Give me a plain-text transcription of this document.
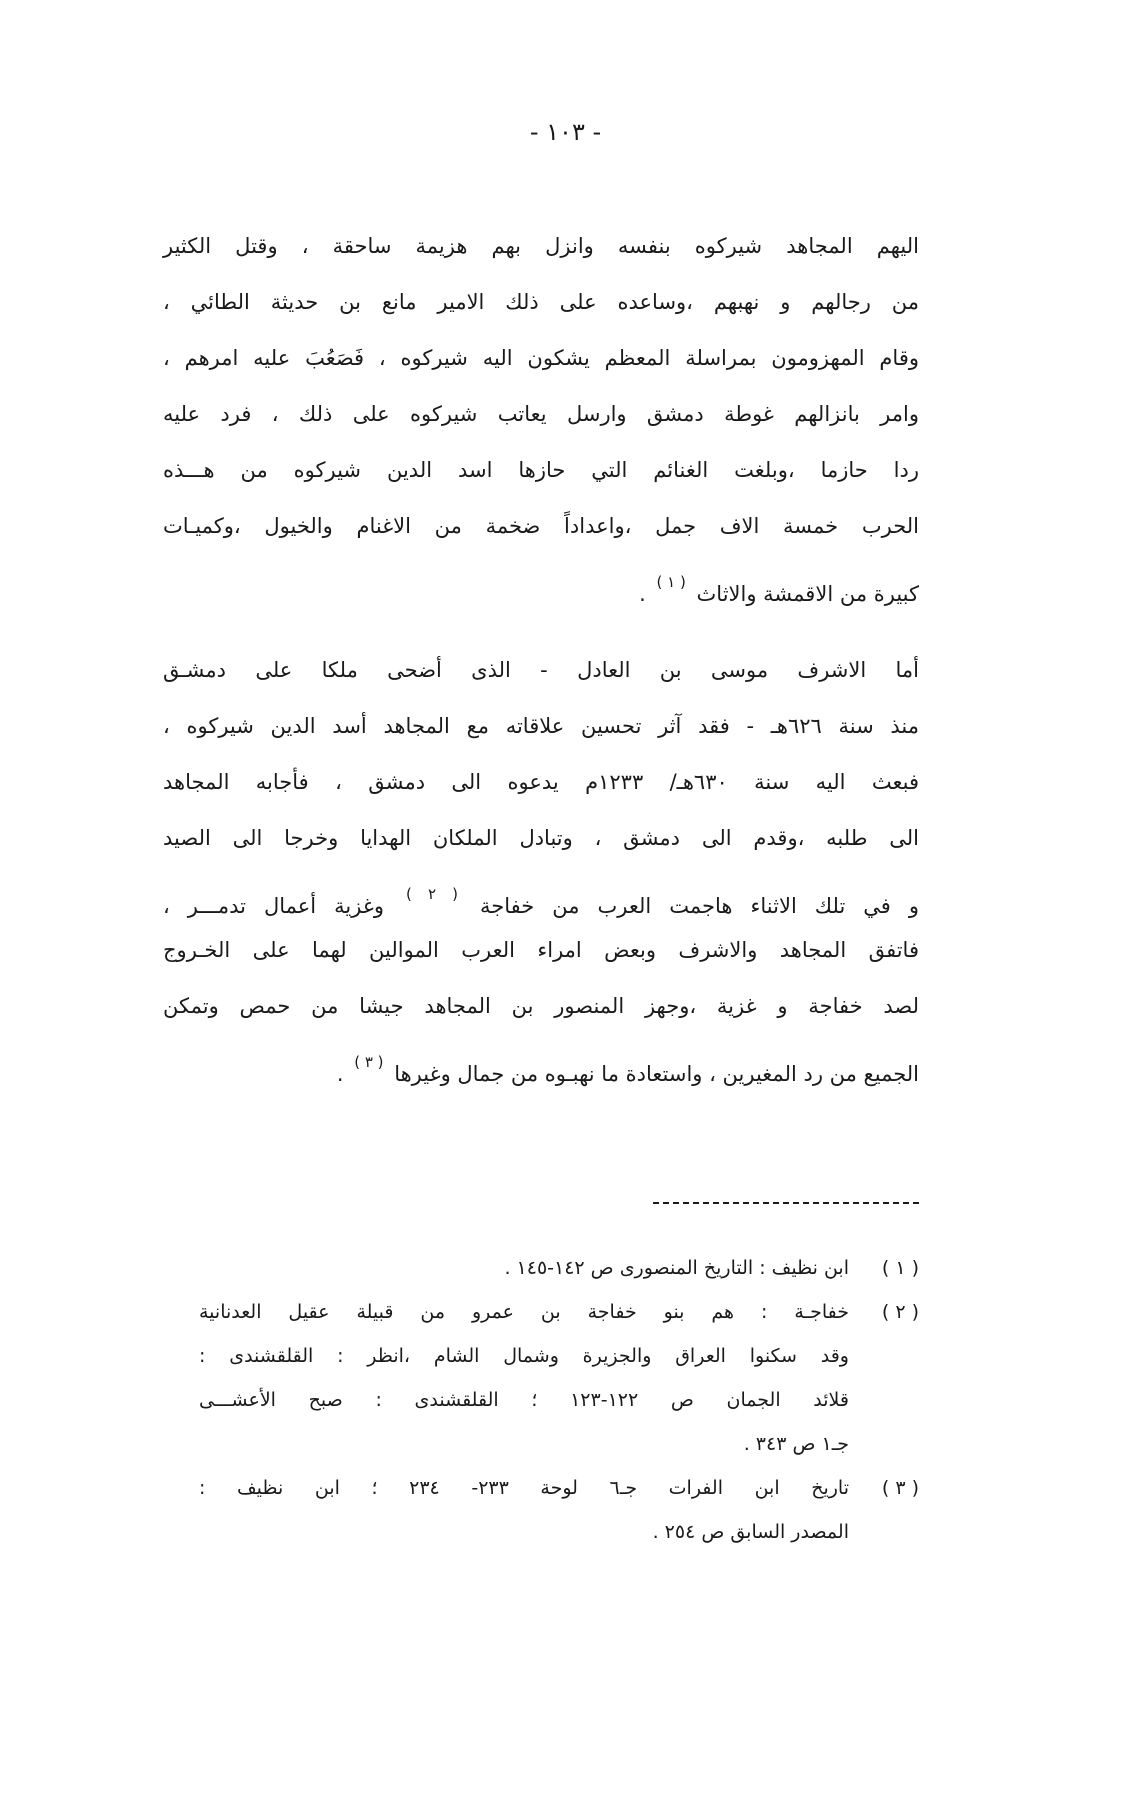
- ١٠٣ -
اليهم المجاهد شيركوه بنفسه وانزل بهم هزيمة ساحقة ، وقتل الكثير
من رجالهم و نهبهم ،وساعده على ذلك الامير مانع بن حديثة الطائي ،
وقام المهزومون بمراسلة المعظم يشكون اليه شيركوه ، فَصَعُبَ عليه امرهم ،
وامر بانزالهم غوطة دمشق وارسل يعاتب شيركوه على ذلك ، فرد عليه
ردا حازما ،وبلغت الغنائم التي حازها اسد الدين شيركوه من هـــذه
الحرب خمسة الاف جمل ،واعداداً ضخمة من الاغنام والخيول ،وكميـات
كبيرة من الاقمشة والاثاث $^{( ١ )}$ .
أما الاشرف موسى بن العادل - الذى أضحى ملكا على دمشـق
منذ سنة ٦٢٦هـ - فقد آثر تحسين علاقاته مع المجاهد أسد الدين شيركوه ،
فبعث اليه سنة ٦٣٠هـ/ ١٢٣٣م يدعوه الى دمشق ، فأجابه المجاهد
الى طلبه ،وقدم الى دمشق ، وتبادل الملكان الهدايا وخرجا الى الصيد
و في تلك الاثناء هاجمت العرب من خفاجة $^{( ٢ )}$ وغزية أعمال تدمـــر ،
فاتفق المجاهد والاشرف وبعض امراء العرب الموالين لهما على الخـروج
لصد خفاجة و غزية ،وجهز المنصور بن المجاهد جيشا من حمص وتمكن
الجميع من رد المغيرين ، واستعادة ما نهبـوه من جمال وغيرها $^{( ٣ )}$ .
( ١ )
ابن نظيف : التاريخ المنصورى ص ١٤٢-١٤٥ .
( ٢ )
خفاجـة : هم بنو خفاجة بن عمرو من قبيلة عقيل العدنانية
وقد سكنوا العراق والجزيرة وشمال الشام ،انظر : القلقشندى :
قلائد الجمان ص ١٢٢-١٢٣ ؛ القلقشندى : صبح الأعشـــى
جـ١ ص ٣٤٣ .
( ٣ )
تاريخ ابن الفرات جـ٦ لوحة ٢٣٣- ٢٣٤ ؛ ابن نظيف :
المصدر السابق ص ٢٥٤ .
